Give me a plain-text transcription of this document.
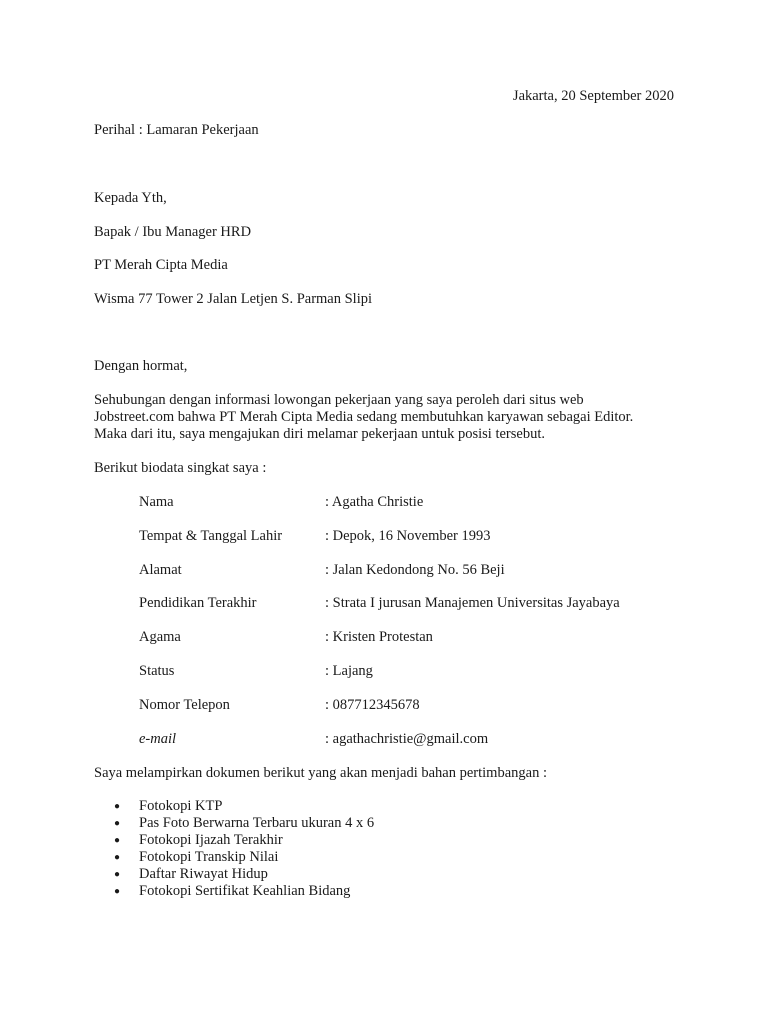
Jakarta, 20 September 2020
Perihal : Lamaran Pekerjaan
Kepada Yth,
Bapak / Ibu Manager HRD
PT Merah Cipta Media
Wisma 77 Tower 2 Jalan Letjen S. Parman Slipi
Dengan hormat,
Sehubungan dengan informasi lowongan pekerjaan yang saya peroleh dari situs web
Jobstreet.com bahwa PT Merah Cipta Media sedang membutuhkan karyawan sebagai Editor.
Maka dari itu, saya mengajukan diri melamar pekerjaan untuk posisi tersebut.
Berikut biodata singkat saya :
Nama	: Agatha Christie
Tempat & Tanggal Lahir	: Depok, 16 November 1993
Alamat	: Jalan Kedondong No. 56 Beji
Pendidikan Terakhir	: Strata I jurusan Manajemen Universitas Jayabaya
Agama	: Kristen Protestan
Status	: Lajang
Nomor Telepon	: 087712345678
e-mail	: agathachristie@gmail.com
Saya melampirkan dokumen berikut yang akan menjadi bahan pertimbangan :
● Fotokopi KTP
● Pas Foto Berwarna Terbaru ukuran 4 x 6
● Fotokopi Ijazah Terakhir
● Fotokopi Transkip Nilai
● Daftar Riwayat Hidup
● Fotokopi Sertifikat Keahlian Bidang
